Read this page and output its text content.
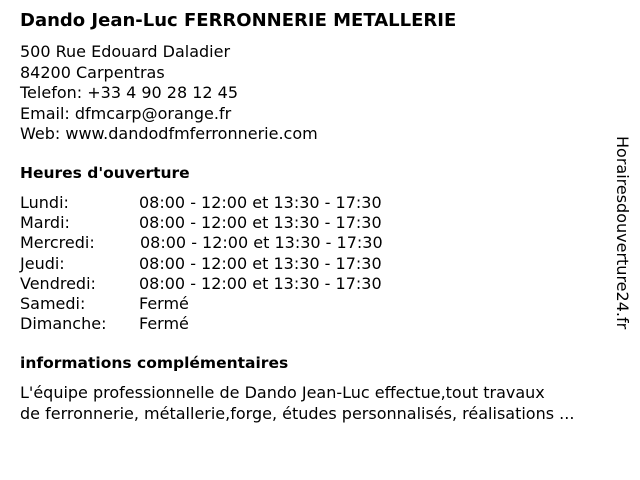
Dando Jean-Luc FERRONNERIE METALLERIE
500 Rue Edouard Daladier
84200 Carpentras
Telefon: +33 4 90 28 12 45
Email: dfmcarp@orange.fr
Web: www.dandodfmferronnerie.com
Heures d'ouverture
Lundi:	08:00 - 12:00 et 13:30 - 17:30
Mardi:	08:00 - 12:00 et 13:30 - 17:30
Mercredi:	08:00 - 12:00 et 13:30 - 17:30
Jeudi:	08:00 - 12:00 et 13:30 - 17:30
Vendredi:	08:00 - 12:00 et 13:30 - 17:30
Samedi:	Fermé
Dimanche: Fermé
informations complémentaires
L'équipe professionnelle de Dando Jean-Luc effectue,tout travaux
de ferronnerie, métallerie,forge, études personnalisés, réalisations ...
Horairesdouverture24.fr
